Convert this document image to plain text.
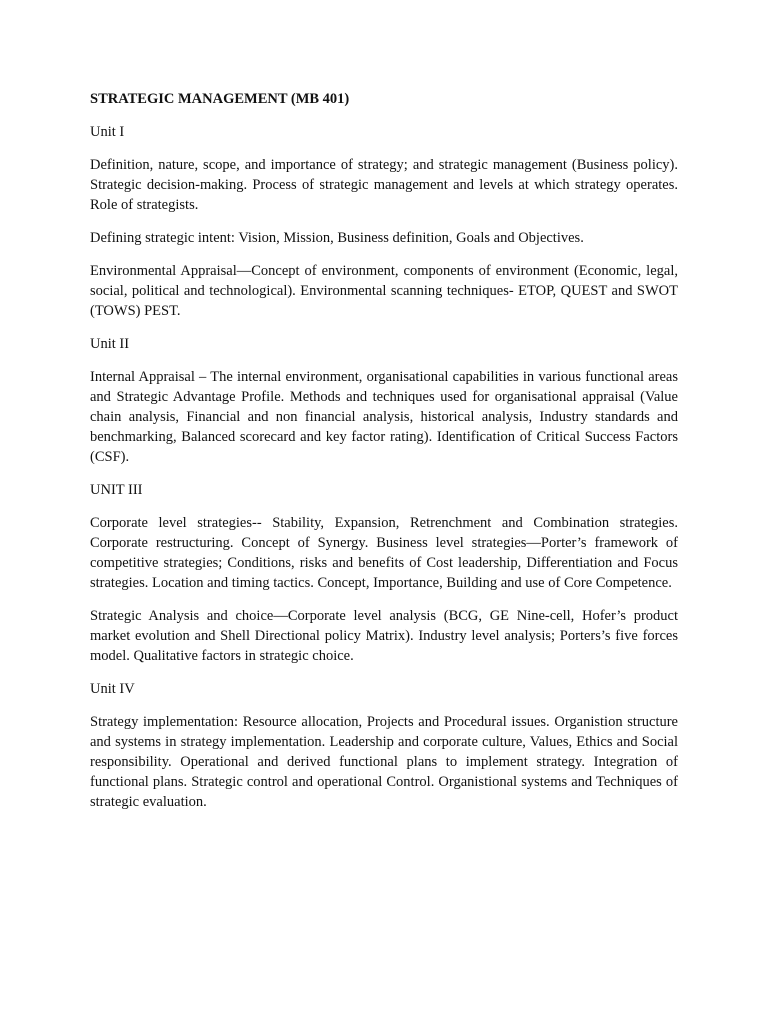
STRATEGIC MANAGEMENT (MB 401)
Unit I
Definition, nature, scope, and importance of strategy; and strategic management (Business policy). Strategic decision-making. Process of strategic management and levels at which strategy operates. Role of strategists.
Defining strategic intent: Vision, Mission, Business definition, Goals and Objectives.
Environmental Appraisal—Concept of environment, components of environment (Economic, legal, social, political and technological). Environmental scanning techniques- ETOP, QUEST and SWOT (TOWS) PEST.
Unit II
Internal Appraisal – The internal environment, organisational capabilities in various functional areas and Strategic Advantage Profile. Methods and techniques used for organisational appraisal (Value chain analysis, Financial and non financial analysis, historical analysis, Industry standards and benchmarking, Balanced scorecard and key factor rating). Identification of Critical Success Factors (CSF).
UNIT III
Corporate level strategies-- Stability, Expansion, Retrenchment and Combination strategies. Corporate restructuring. Concept of Synergy. Business level strategies—Porter’s framework of competitive strategies; Conditions, risks and benefits of Cost leadership, Differentiation and Focus strategies. Location and timing tactics. Concept, Importance, Building and use of Core Competence.
Strategic Analysis and choice—Corporate level analysis (BCG, GE Nine-cell, Hofer’s product market evolution and Shell Directional policy Matrix). Industry level analysis; Porters’s five forces model. Qualitative factors in strategic choice.
Unit IV
Strategy implementation: Resource allocation, Projects and Procedural issues. Organistion structure and systems in strategy implementation. Leadership and corporate culture, Values, Ethics and Social responsibility. Operational and derived functional plans to implement strategy. Integration of functional plans. Strategic control and operational Control. Organistional systems and Techniques of strategic evaluation.
